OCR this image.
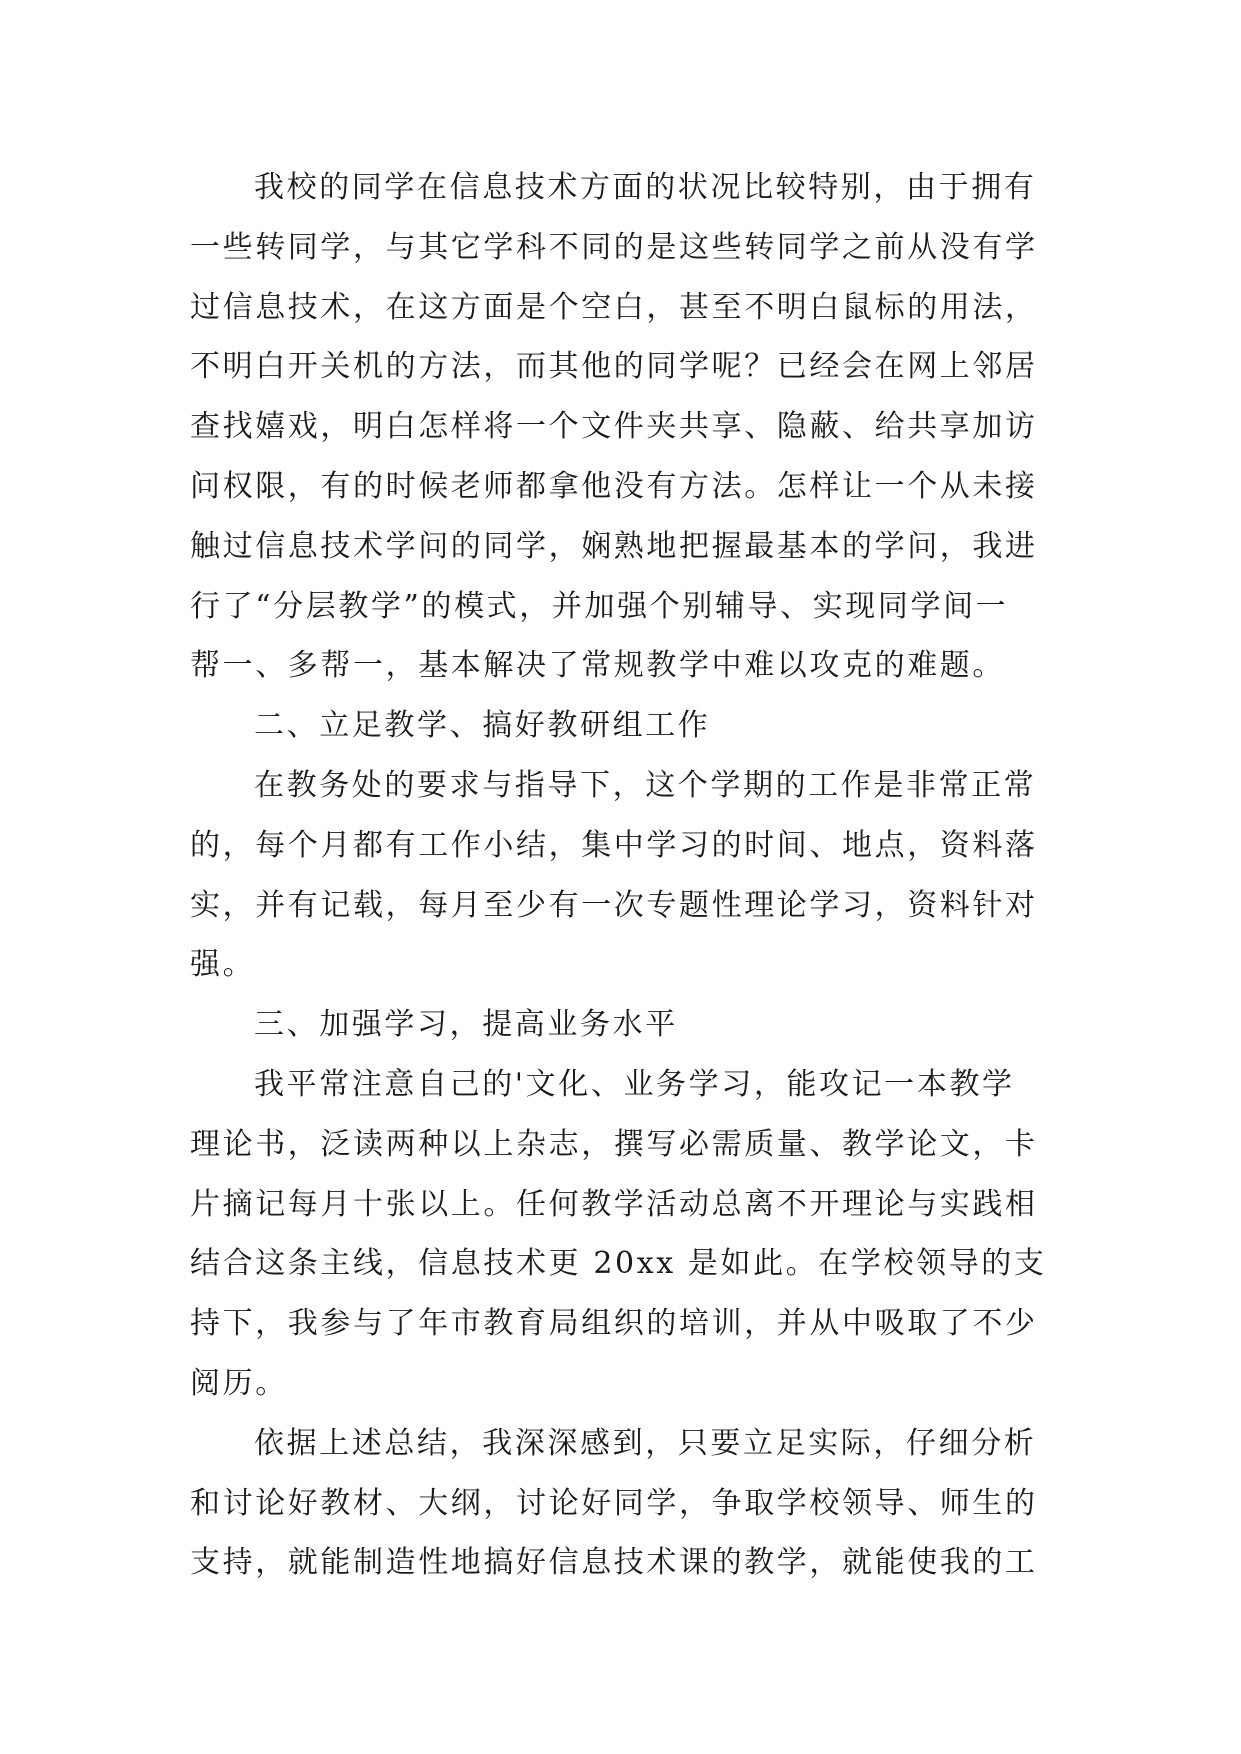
我校的同学在信息技术方面的状况比较特别，由于拥有
一些转同学，与其它学科不同的是这些转同学之前从没有学
过信息技术，在这方面是个空白，甚至不明白鼠标的用法，
不明白开关机的方法，而其他的同学呢？已经会在网上邻居
查找嬉戏，明白怎样将一个文件夹共享、隐蔽、给共享加访
问权限，有的时候老师都拿他没有方法。怎样让一个从未接
触过信息技术学问的同学，娴熟地把握最基本的学问，我进
行了“分层教学”的模式，并加强个别辅导、实现同学间一
帮一、多帮一，基本解决了常规教学中难以攻克的难题。
二、立足教学、搞好教研组工作
在教务处的要求与指导下，这个学期的工作是非常正常
的，每个月都有工作小结，集中学习的时间、地点，资料落
实，并有记载，每月至少有一次专题性理论学习，资料针对
强。
三、加强学习，提高业务水平
我平常注意自己的'文化、业务学习，能攻记一本教学
理论书，泛读两种以上杂志，撰写必需质量、教学论文，卡
片摘记每月十张以上。任何教学活动总离不开理论与实践相
结合这条主线，信息技术更 20xx 是如此。在学校领导的支
持下，我参与了年市教育局组织的培训，并从中吸取了不少
阅历。
依据上述总结，我深深感到，只要立足实际，仔细分析
和讨论好教材、大纲，讨论好同学，争取学校领导、师生的
支持，就能制造性地搞好信息技术课的教学，就能使我的工
